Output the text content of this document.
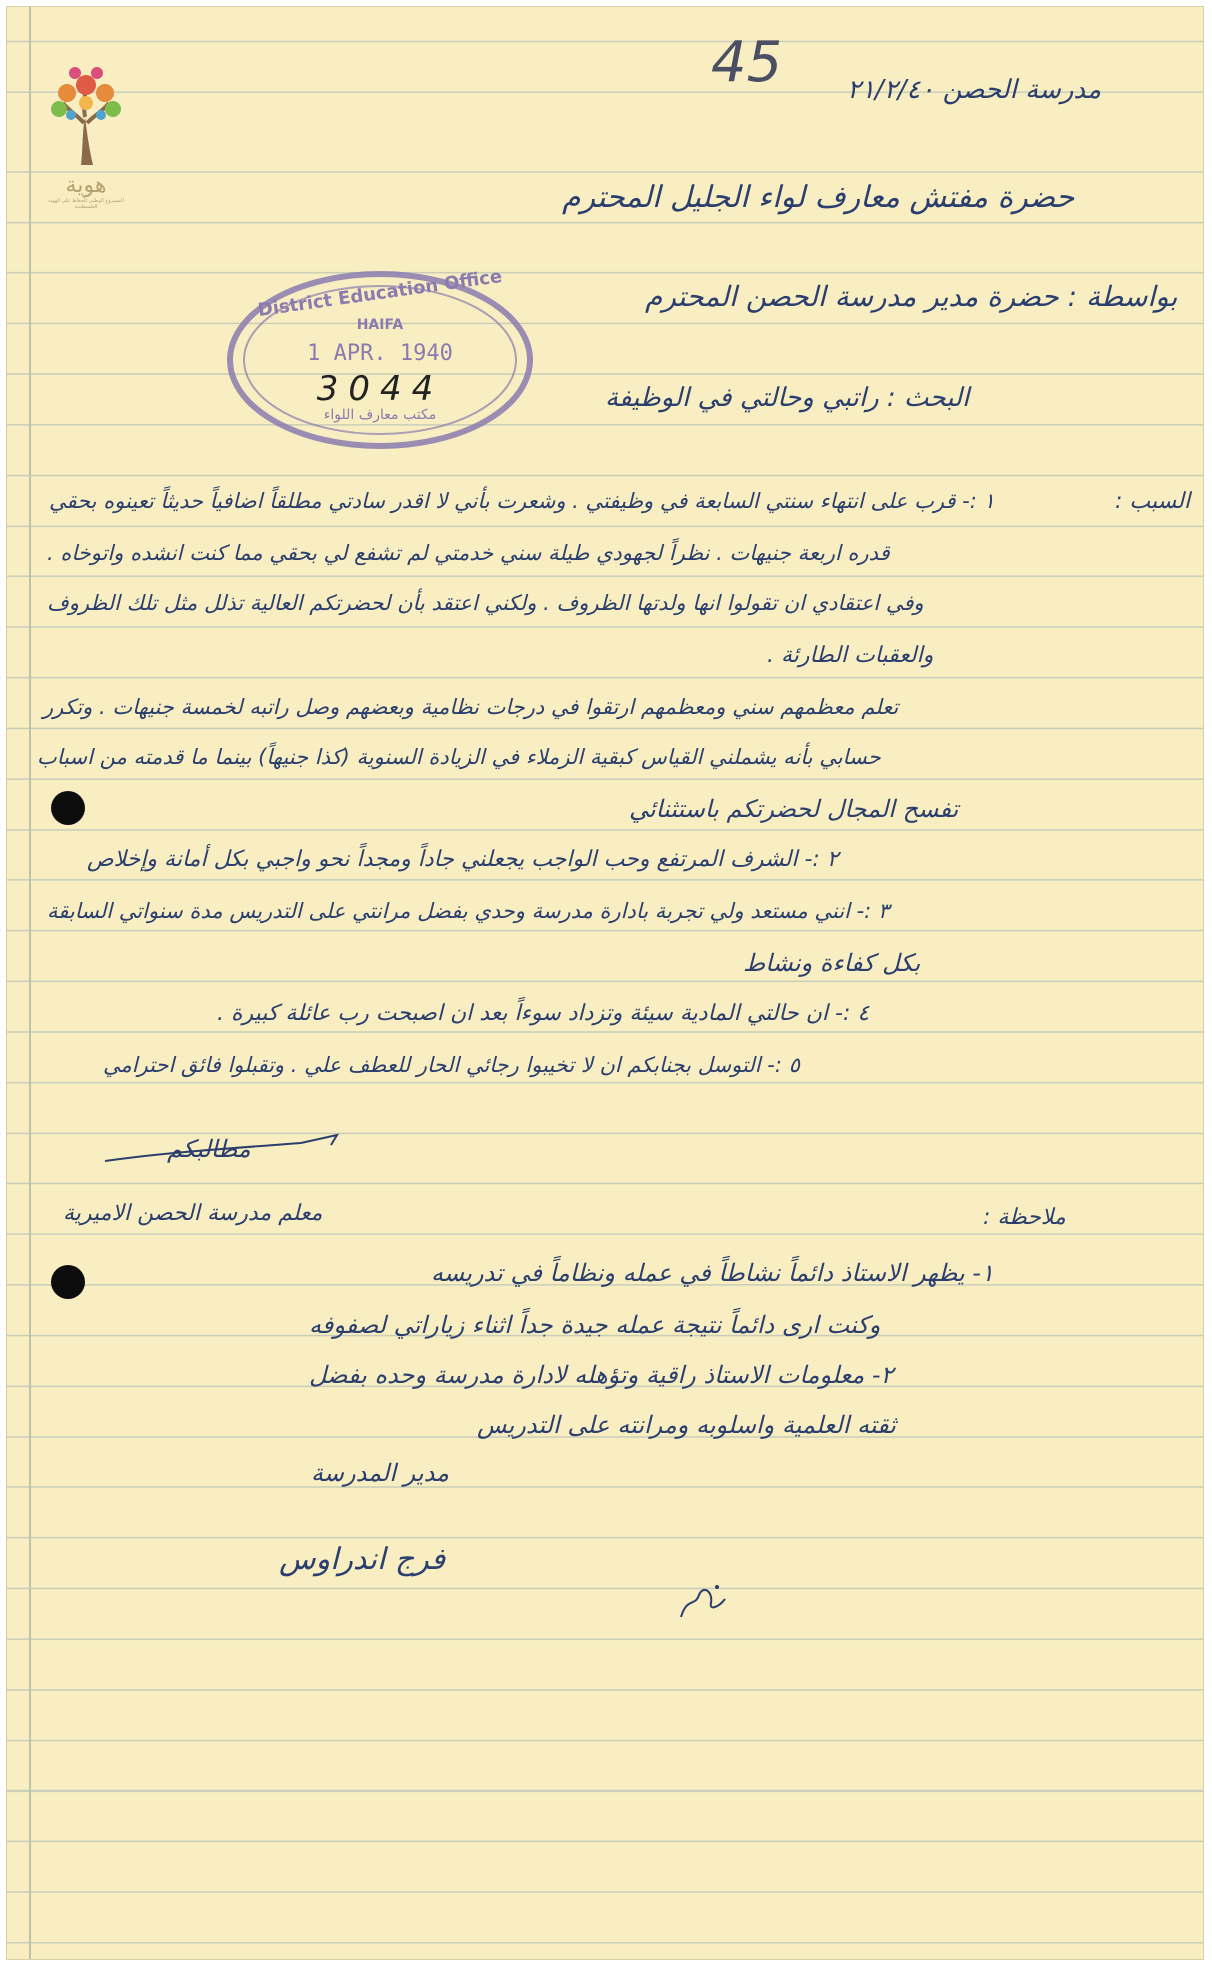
هوية
المشروع الوطني للحفاظ على الهوية الفلسطينية
45 مدرسة الحصن ٢١/٢/٤٠
حضرة مفتش معارف لواء الجليل المحترم
District Education Office
HAIFA
1 APR. 1940
3044
مكتب معارف اللواء
بواسطة : حضرة مدير مدرسة الحصن المحترم
البحث : راتبي وحالتي في الوظيفة
السبب :
١ :- قرب على انتهاء سنتي السابعة في وظيفتي . وشعرت بأني لا اقدر سادتي مطلقاً اضافياً حديثاً تعينوه بحقي
قدره اربعة جنيهات . نظراً لجهودي طيلة سني خدمتي لم تشفع لي بحقي مما كنت انشده واتوخاه .
وفي اعتقادي ان تقولوا انها ولدتها الظروف . ولكني اعتقد بأن لحضرتكم العالية تذلل مثل تلك الظروف
والعقبات الطارئة .
تعلم معظمهم سني ومعظمهم ارتقوا في درجات نظامية وبعضهم وصل راتبه لخمسة جنيهات . وتكرر
حسابي بأنه يشملني القياس كبقية الزملاء في الزيادة السنوية (كذا جنيهاً) بينما ما قدمته من اسباب
تفسح المجال لحضرتكم باستثنائي
٢ :- الشرف المرتفع وحب الواجب يجعلني جاداً ومجداً نحو واجبي بكل أمانة وإخلاص
٣ :- انني مستعد ولي تجربة بادارة مدرسة وحدي بفضل مرانتي على التدريس مدة سنواتي السابقة
بكل كفاءة ونشاط
٤ :- ان حالتي المادية سيئة وتزداد سوءاً بعد ان اصبحت رب عائلة كبيرة .
٥ :- التوسل بجنابكم ان لا تخيبوا رجائي الحار للعطف علي . وتقبلوا فائق احترامي
مطالبكم
معلم مدرسة الحصن الاميرية	ملاحظة :
١- يظهر الاستاذ دائماً نشاطاً في عمله ونظاماً في تدريسه
وكنت ارى دائماً نتيجة عمله جيدة جداً اثناء زياراتي لصفوفه
٢- معلومات الاستاذ راقية وتؤهله لادارة مدرسة وحده بفضل
ثقته العلمية واسلوبه ومرانته على التدريس
مدير المدرسة
فرج اندراوس
